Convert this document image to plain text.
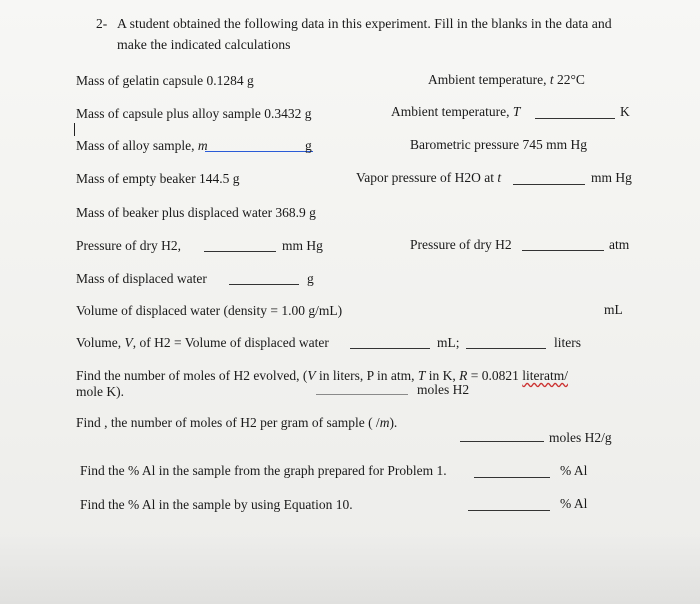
2- A student obtained the following data in this experiment. Fill in the blanks in the data and
make the indicated calculations
Mass of gelatin capsule 0.1284 g	Ambient temperature, t 22°C
Mass of capsule plus alloy sample 0.3432 g	Ambient temperature, T	K
Mass of alloy sample, m	g	Barometric pressure 745 mm Hg
Mass of empty beaker 144.5 g	Vapor pressure of H2O at t	mm Hg
Mass of beaker plus displaced water 368.9 g
Pressure of dry H2,	mm Hg	Pressure of dry H2	atm
Mass of displaced water	g
Volume of displaced water (density = 1.00 g/mL)	mL
Volume, V, of H2 = Volume of displaced water	mL;	liters
Find the number of moles of H2 evolved, (V in liters, P in atm, T in K, R = 0.0821 literatm/
mole K).	moles H2
Find , the number of moles of H2 per gram of sample ( /m).
moles H2/g
Find the % Al in the sample from the graph prepared for Problem 1.	% Al
Find the % Al in the sample by using Equation 10.	% Al
